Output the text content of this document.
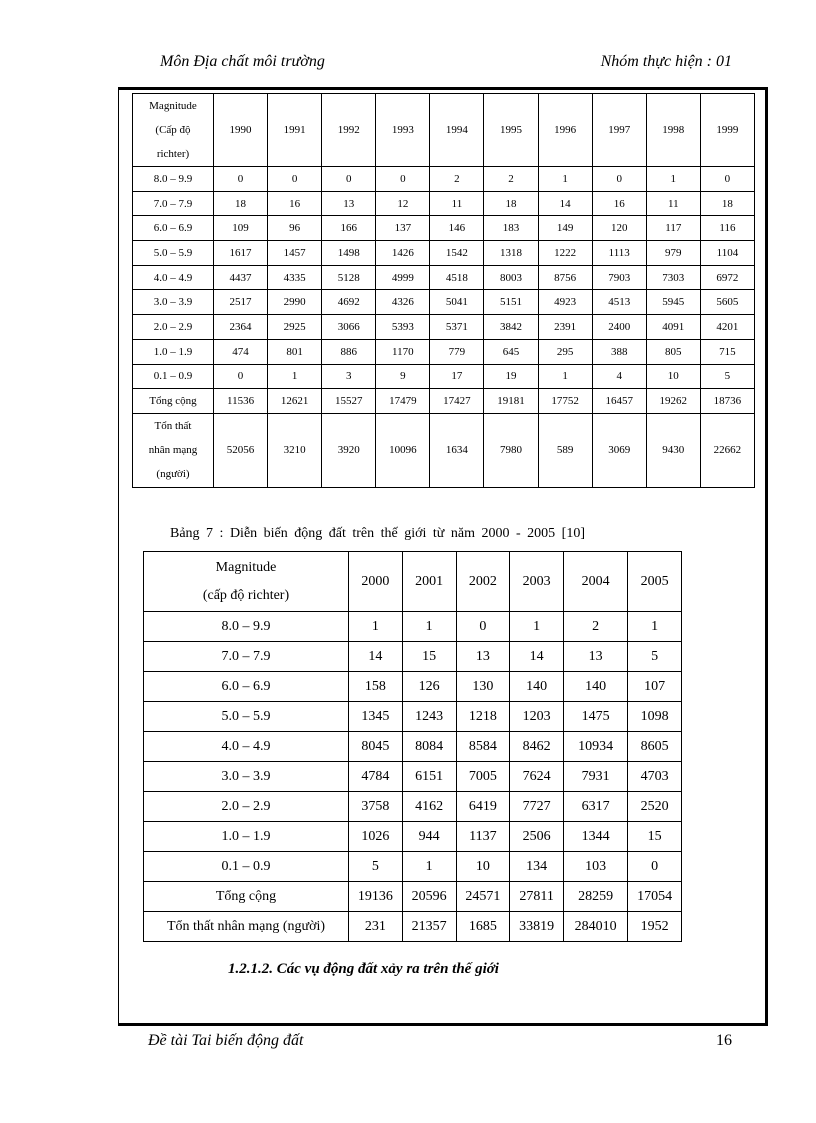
Môn Địa chất môi trường	Nhóm thực hiện : 01
Magnitude
(Cấp độ
richter)	1990	1991	1992	1993	1994	1995	1996	1997	1998	1999
8.0 – 9.9	0	0	0	0	2	2	1	0	1	0
7.0 – 7.9	18	16	13	12	11	18	14	16	11	18
6.0 – 6.9	109	96	166	137	146	183	149	120	117	116
5.0 – 5.9	1617	1457	1498	1426	1542	1318	1222	1113	979	1104
4.0 – 4.9	4437	4335	5128	4999	4518	8003	8756	7903	7303	6972
3.0 – 3.9	2517	2990	4692	4326	5041	5151	4923	4513	5945	5605
2.0 – 2.9	2364	2925	3066	5393	5371	3842	2391	2400	4091	4201
1.0 – 1.9	474	801	886	1170	779	645	295	388	805	715
0.1 – 0.9	0	1	3	9	17	19	1	4	10	5
Tổng cộng	11536	12621	15527	17479	17427	19181	17752	16457	19262	18736

Tổn thất
nhân mạng
(người)	52056	3210	3920	10096	1634	7980	589	3069	9430	22662
Bảng 7 : Diễn biến động đất trên thế giới từ năm 2000 - 2005 [10]
Magnitude
(cấp độ richter)	2000	2001	2002	2003	2004	2005
8.0 – 9.9	1	1	0	1	2	1
7.0 – 7.9	14	15	13	14	13	5
6.0 – 6.9	158	126	130	140	140	107
5.0 – 5.9	1345	1243	1218	1203	1475	1098
4.0 – 4.9	8045	8084	8584	8462	10934	8605
3.0 – 3.9	4784	6151	7005	7624	7931	4703
2.0 – 2.9	3758	4162	6419	7727	6317	2520
1.0 – 1.9	1026	944	1137	2506	1344	15
0.1 – 0.9	5	1	10	134	103	0
Tổng cộng	19136	20596	24571	27811	28259	17054
Tổn thất nhân mạng (người)	231	21357	1685	33819	284010	1952
1.2.1.2. Các vụ động đất xảy ra trên thế giới
Đề tài Tai biến động đất	16
